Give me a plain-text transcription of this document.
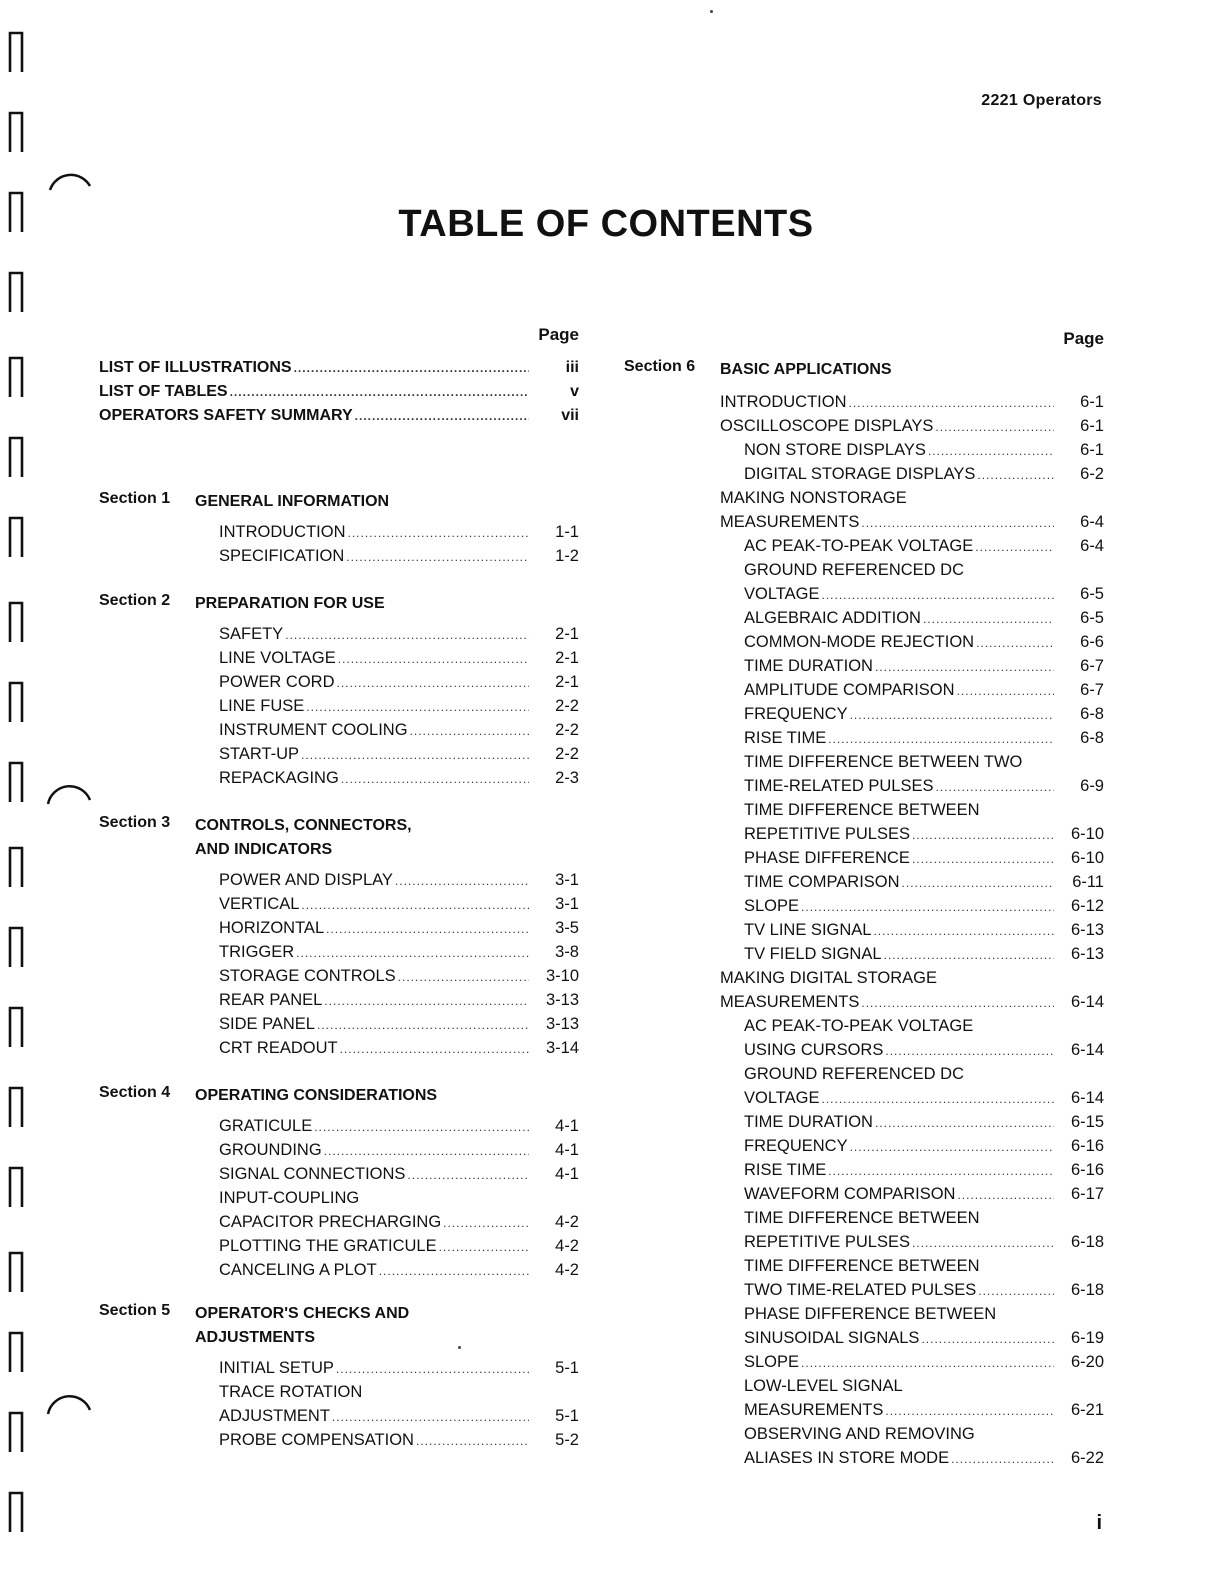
2221 Operators
TABLE OF CONTENTS
Page
LIST OF ILLUSTRATIONS .....	iii
LIST OF TABLES .....	v
OPERATORS SAFETY SUMMARY .....	vii
Section 1	GENERAL INFORMATION
INTRODUCTION .....	1-1
SPECIFICATION .....	1-2
Section 2	PREPARATION FOR USE
SAFETY .....	2-1
LINE VOLTAGE .....	2-1
POWER CORD .....	2-1
LINE FUSE .....	2-2
INSTRUMENT COOLING .....	2-2
START-UP .....	2-2
REPACKAGING .....	2-3
Section 3	CONTROLS, CONNECTORS,
AND INDICATORS
POWER AND DISPLAY .....	3-1
VERTICAL .....	3-1
HORIZONTAL .....	3-5
TRIGGER .....	3-8
STORAGE CONTROLS .....	3-10
REAR PANEL .....	3-13
SIDE PANEL .....	3-13
CRT READOUT .....	3-14
Section 4	OPERATING CONSIDERATIONS
GRATICULE .....	4-1
GROUNDING .....	4-1
SIGNAL CONNECTIONS .....	4-1
INPUT-COUPLING
CAPACITOR PRECHARGING .....	4-2
PLOTTING THE GRATICULE .....	4-2
CANCELING A PLOT .....	4-2
Section 5	OPERATOR'S CHECKS AND
ADJUSTMENTS
INITIAL SETUP .....	5-1
TRACE ROTATION
ADJUSTMENT .....	5-1
PROBE COMPENSATION .....	5-2
Page
Section 6	BASIC APPLICATIONS
INTRODUCTION .....	6-1
OSCILLOSCOPE DISPLAYS .....	6-1
NON STORE DISPLAYS .....	6-1
DIGITAL STORAGE DISPLAYS .....	6-2
MAKING NONSTORAGE
MEASUREMENTS .....	6-4
AC PEAK-TO-PEAK VOLTAGE .....	6-4
GROUND REFERENCED DC
VOLTAGE .....	6-5
ALGEBRAIC ADDITION .....	6-5
COMMON-MODE REJECTION .....	6-6
TIME DURATION .....	6-7
AMPLITUDE COMPARISON .....	6-7
FREQUENCY .....	6-8
RISE TIME .....	6-8
TIME DIFFERENCE BETWEEN TWO
TIME-RELATED PULSES .....	6-9
TIME DIFFERENCE BETWEEN
REPETITIVE PULSES .....	6-10
PHASE DIFFERENCE .....	6-10
TIME COMPARISON .....	6-11
SLOPE .....	6-12
TV LINE SIGNAL .....	6-13
TV FIELD SIGNAL .....	6-13
MAKING DIGITAL STORAGE
MEASUREMENTS .....	6-14
AC PEAK-TO-PEAK VOLTAGE
USING CURSORS .....	6-14
GROUND REFERENCED DC
VOLTAGE .....	6-14
TIME DURATION .....	6-15
FREQUENCY .....	6-16
RISE TIME .....	6-16
WAVEFORM COMPARISON .....	6-17
TIME DIFFERENCE BETWEEN
REPETITIVE PULSES .....	6-18
TIME DIFFERENCE BETWEEN
TWO TIME-RELATED PULSES .....	6-18
PHASE DIFFERENCE BETWEEN
SINUSOIDAL SIGNALS .....	6-19
SLOPE .....	6-20
LOW-LEVEL SIGNAL
MEASUREMENTS .....	6-21
OBSERVING AND REMOVING
ALIASES IN STORE MODE .....	6-22
i
